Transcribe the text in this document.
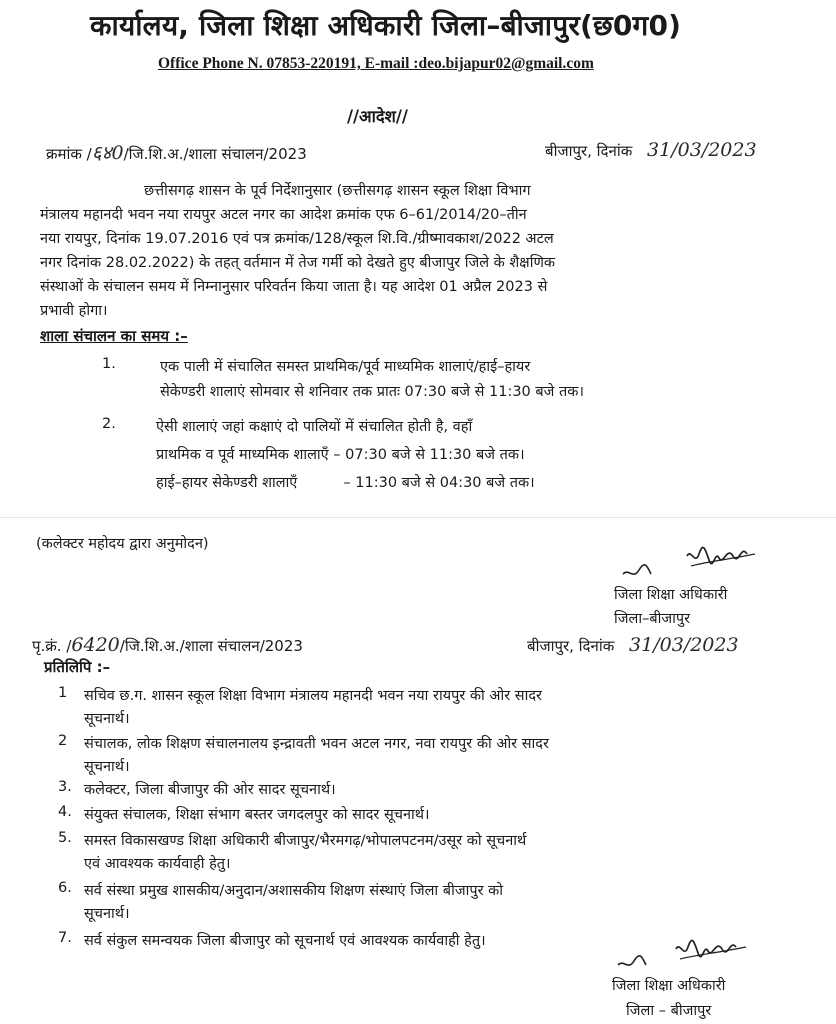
कार्यालय, जिला शिक्षा अधिकारी जिला–बीजापुर(छ0ग0)
Office Phone N. 07853-220191, E-mail :deo.bijapur02@gmail.com
//आदेश//
क्रमांक /६४0/जि.शि.अ./शाला संचालन/2023	बीजापुर, दिनांक 31/03/2023
छत्तीसगढ़ शासन के पूर्व निर्देशानुसार (छत्तीसगढ़ शासन स्कूल शिक्षा विभाग
मंत्रालय महानदी भवन नया रायपुर अटल नगर का आदेश क्रमांक एफ 6–61/2014/20–तीन
नया रायपुर, दिनांक 19.07.2016 एवं पत्र क्रमांक/128/स्कूल शि.वि./ग्रीष्मावकाश/2022 अटल
नगर दिनांक 28.02.2022) के तहत् वर्तमान में तेज गर्मी को देखते हुए बीजापुर जिले के शैक्षणिक
संस्थाओं के संचालन समय में निम्नानुसार परिवर्तन किया जाता है। यह आदेश 01 अप्रैल 2023 से
प्रभावी होगा।
शाला संचालन का समय :–
1.	एक पाली में संचालित समस्त प्राथमिक/पूर्व माध्यमिक शालाएं/हाई–हायर
सेकेण्डरी शालाएं सोमवार से शनिवार तक प्रातः 07:30 बजे से 11:30 बजे तक।
2.	ऐसी शालाएं जहां कक्षाएं दो पालियों में संचालित होती है, वहाँ
प्राथमिक व पूर्व माध्यमिक शालाएँ – 07:30 बजे से 11:30 बजे तक।
हाई–हायर सेकेण्डरी शालाएँ          – 11:30 बजे से 04:30 बजे तक।
(कलेक्टर महोदय द्वारा अनुमोदन)
जिला शिक्षा अधिकारी
जिला–बीजापुर
पृ.क्रं. /6420/जि.शि.अ./शाला संचालन/2023	बीजापुर, दिनांक 31/03/2023
प्रतिलिपि :–
1 सचिव छ.ग. शासन स्कूल शिक्षा विभाग मंत्रालय महानदी भवन नया रायपुर की ओर सादर
सूचनार्थ।
2 संचालक, लोक शिक्षण संचालनालय इन्द्रावती भवन अटल नगर, नवा रायपुर की ओर सादर
सूचनार्थ।
3. कलेक्टर, जिला बीजापुर की ओर सादर सूचनार्थ।
4. संयुक्त संचालक, शिक्षा संभाग बस्तर जगदलपुर को सादर सूचनार्थ।
5. समस्त विकासखण्ड शिक्षा अधिकारी बीजापुर/भैरमगढ़/भोपालपटनम/उसूर को सूचनार्थ
एवं आवश्यक कार्यवाही हेतु।
6. सर्व संस्था प्रमुख शासकीय/अनुदान/अशासकीय शिक्षण संस्थाएं जिला बीजापुर को
सूचनार्थ।
7. सर्व संकुल समन्वयक जिला बीजापुर को सूचनार्थ एवं आवश्यक कार्यवाही हेतु।
जिला शिक्षा अधिकारी
जिला – बीजापुर
